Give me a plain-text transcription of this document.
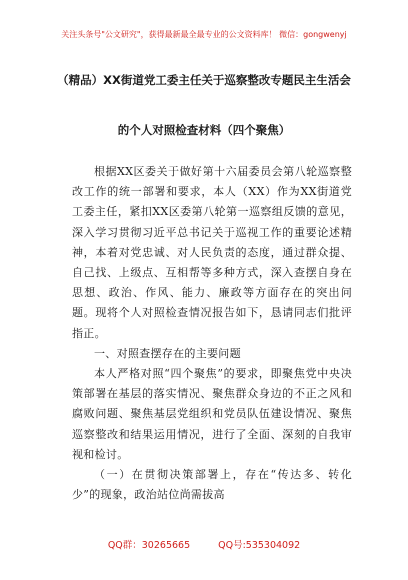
关注头条号"公文研究"，获得最新最全最专业的公文资料库！ 微信：gongwenyj
（精品）XX街道党工委主任关于巡察整改专题民主生活会
的个人对照检查材料（四个聚焦）

根据XX区委关于做好第十六届委员会第八轮巡察整改工作的统一部署和要求，本人（XX）作为XX街道党工委主任，紧扣XX区委第八轮第一巡察组反馈的意见，深入学习贯彻习近平总书记关于巡视工作的重要论述精神，本着对党忠诚、对人民负责的态度，通过群众提、自己找、上级点、互相帮等多种方式，深入查摆自身在思想、政治、作风、能力、廉政等方面存在的突出问题。现将个人对照检查情况报告如下，恳请同志们批评指正。

一、对照查摆存在的主要问题

本人严格对照“四个聚焦”的要求，即聚焦党中央决策部署在基层的落实情况、聚焦群众身边的不正之风和腐败问题、聚焦基层党组织和党员队伍建设情况、聚焦巡察整改和结果运用情况，进行了全面、深刻的自我审视和检讨。

（一）在贯彻决策部署上，存在“传达多、转化少”的现象，政治站位尚需拔高

QQ群：30265665	QQ号:535304092
